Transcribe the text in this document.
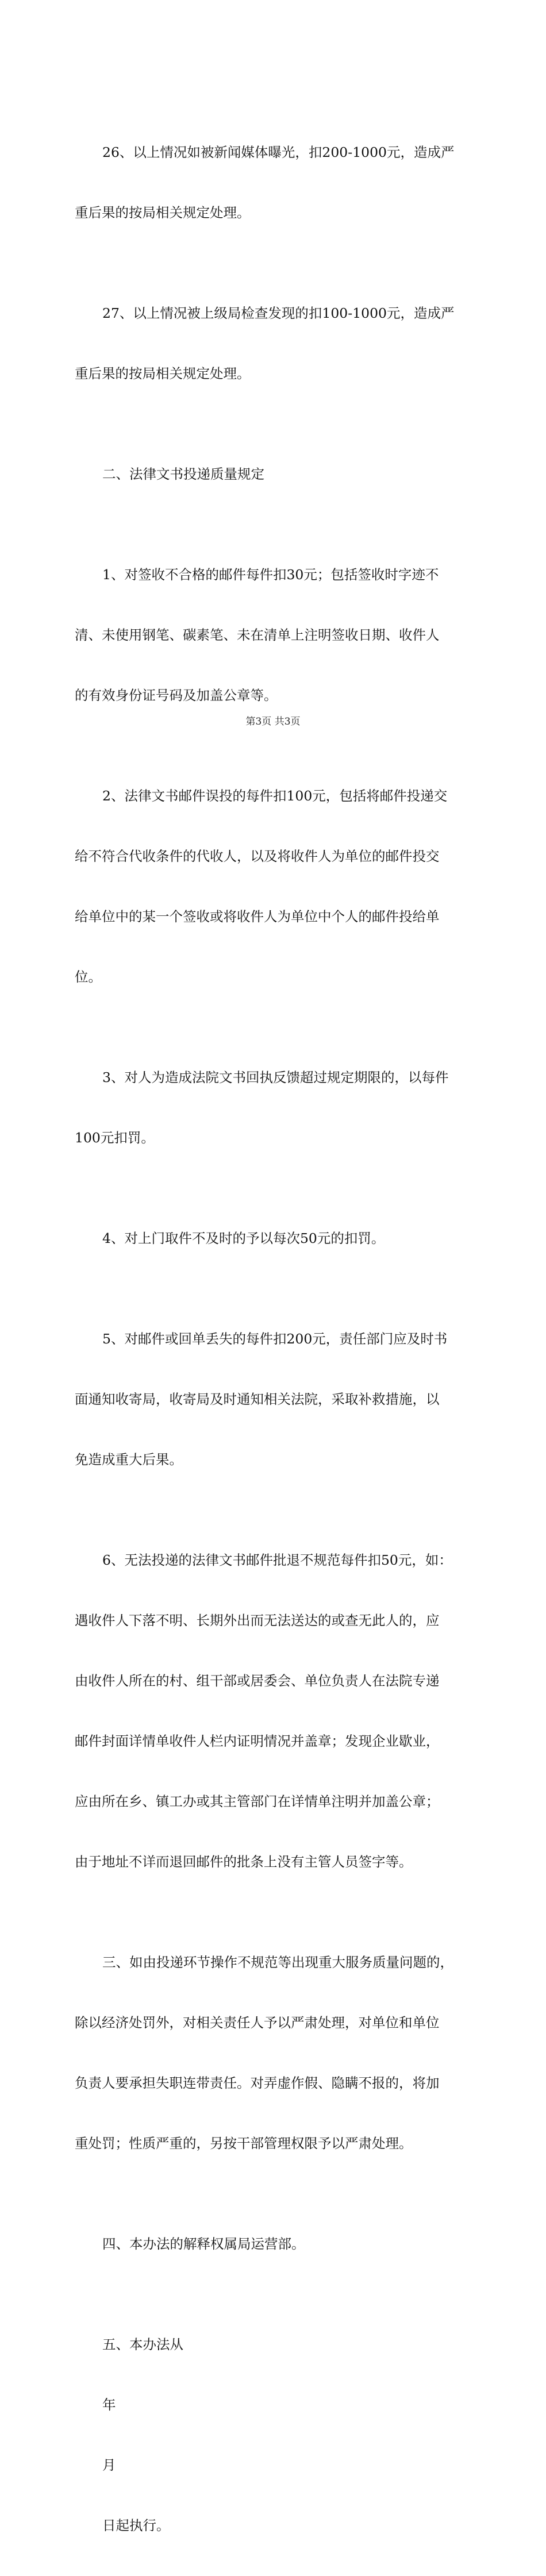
26、以上情况如被新闻媒体曝光，扣200-1000元，造成严

重后果的按局相关规定处理。

27、以上情况被上级局检查发现的扣100-1000元，造成严

重后果的按局相关规定处理。

二、法律文书投递质量规定

1、对签收不合格的邮件每件扣30元；包括签收时字迹不

清、未使用钢笔、碳素笔、未在清单上注明签收日期、收件人

的有效身份证号码及加盖公章等。

2、法律文书邮件误投的每件扣100元，包括将邮件投递交

给不符合代收条件的代收人，以及将收件人为单位的邮件投交

给单位中的某一个签收或将收件人为单位中个人的邮件投给单

位。

3、对人为造成法院文书回执反馈超过规定期限的，以每件

100元扣罚。

4、对上门取件不及时的予以每次50元的扣罚。

5、对邮件或回单丢失的每件扣200元，责任部门应及时书

面通知收寄局，收寄局及时通知相关法院，采取补救措施，以

免造成重大后果。

6、无法投递的法律文书邮件批退不规范每件扣50元，如：

遇收件人下落不明、长期外出而无法送达的或查无此人的，应

由收件人所在的村、组干部或居委会、单位负责人在法院专递

邮件封面详情单收件人栏内证明情况并盖章；发现企业歇业，

应由所在乡、镇工办或其主管部门在详情单注明并加盖公章；

由于地址不详而退回邮件的批条上没有主管人员签字等。

三、如由投递环节操作不规范等出现重大服务质量问题的，

除以经济处罚外，对相关责任人予以严肃处理，对单位和单位

负责人要承担失职连带责任。对弄虚作假、隐瞒不报的，将加

重处罚；性质严重的，另按干部管理权限予以严肃处理。

四、本办法的解释权属局运营部。

五、本办法从

年

月

日起执行。

第3页 共3页
